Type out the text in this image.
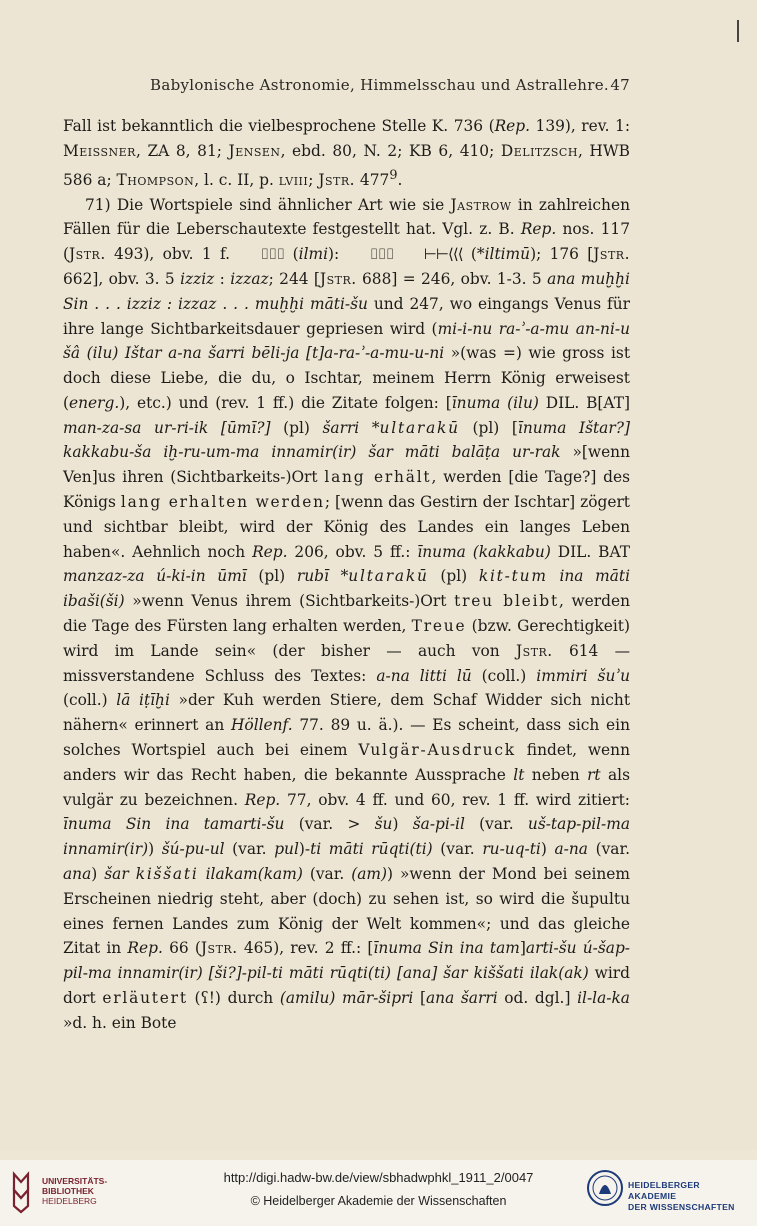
Babylonische Astronomie, Himmelsschau und Astrallehre. 47

Fall ist bekanntlich die vielbesprochene Stelle K. 736 (Rep. 139), rev. 1: Meissner, ZA 8, 81; Jensen, ebd. 80, N. 2; KB 6, 410; Delitzsch, HWB 586 a; Thompson, l. c. II, p. lviii; Jstr. $477^9$.

71) Die Wortspiele sind ähnlicher Art wie sie Jastrow in zahlreichen Fällen für die Leberschautexte festgestellt hat. Vgl. z. B. Rep. nos. 117 (Jstr. 493), obv. 1 f. ⌷⌷⌷ (ilmi): ⌷⌷⌷ ⊢⊢⟨⟨⟨ (*iltimū); 176 [Jstr. 662], obv. 3. 5 izziz : izzaz; 244 [Jstr. 688] = 246, obv. 1-3. 5 ana muḫḫi Sin . . . izziz : izzaz . . . muḫḫi māti-šu und 247, wo eingangs Venus für ihre lange Sichtbarkeitsdauer gepriesen wird (mi-i-nu ra-ʾ-a-mu an-ni-u šâ (ilu) Ištar a-na šarri bēli-ja [t]a-ra-ʾ-a-mu-u-ni »(was =) wie gross ist doch diese Liebe, die du, o Ischtar, meinem Herrn König erweisest (energ.), etc.) und (rev. 1 ff.) die Zitate folgen: [īnuma (ilu) DIL. B[AT] man-za-sa ur-ri-ik [ūmī?] (pl) šarri *ultarakū (pl) [īnuma Ištar?] kakkabu-ša iḫ-ru-um-ma innamir(ir) šar māti balāṭa ur-rak »[wenn Ven]us ihren (Sichtbarkeits-)Ort lang erhält, werden [die Tage?] des Königs lang erhalten werden; [wenn das Gestirn der Ischtar] zögert und sichtbar bleibt, wird der König des Landes ein langes Leben haben«. Aehnlich noch Rep. 206, obv. 5 ff.: īnuma (kakkabu) DIL. BAT manzaz-za ú-ki-in ūmī (pl) rubī *ultarakū (pl) kit-tum ina māti ibaši(ši) »wenn Venus ihrem (Sichtbarkeits-)Ort treu bleibt, werden die Tage des Fürsten lang erhalten werden, Treue (bzw. Gerechtigkeit) wird im Lande sein« (der bisher — auch von Jstr. 614 — missverstandene Schluss des Textes: a-na litti lū (coll.) immiri šuʾu (coll.) lā iṭīḫi »der Kuh werden Stiere, dem Schaf Widder sich nicht nähern« erinnert an Höllenf. 77. 89 u. ä.). — Es scheint, dass sich ein solches Wortspiel auch bei einem Vulgär-Ausdruck findet, wenn anders wir das Recht haben, die bekannte Aussprache lt neben rt als vulgär zu bezeichnen. Rep. 77, obv. 4 ff. und 60, rev. 1 ff. wird zitiert: īnuma Sin ina tamarti-šu (var. > šu) ša-pi-il (var. uš-tap-pil-ma innamir(ir)) šú-pu-ul (var. pul)-ti māti rūqti(ti) (var. ru-uq-ti) a-na (var. ana) šar kiššati ilakam(kam) (var. (am)) »wenn der Mond bei seinem Erscheinen niedrig steht, aber (doch) zu sehen ist, so wird die šupultu eines fernen Landes zum König der Welt kommen«; und das gleiche Zitat in Rep. 66 (Jstr. 465), rev. 2 ff.: [īnuma Sin ina tam]arti-šu ú-šap-pil-ma innamir(ir) [ši?]-pil-ti māti rūqti(ti) [ana] šar kiššati ilak(ak) wird dort erläutert (ʕ!) durch (amilu) mār-šipri [ana šarri od. dgl.] il-la-ka »d. h. ein Bote

UNIVERSITÄTS-
BIBLIOTHEK
HEIDELBERG
http://digi.hadw-bw.de/view/sbhadwphkl_1911_2/0047
© Heidelberger Akademie der Wissenschaften
HEIDELBERGER AKADEMIE
DER WISSENSCHAFTEN
